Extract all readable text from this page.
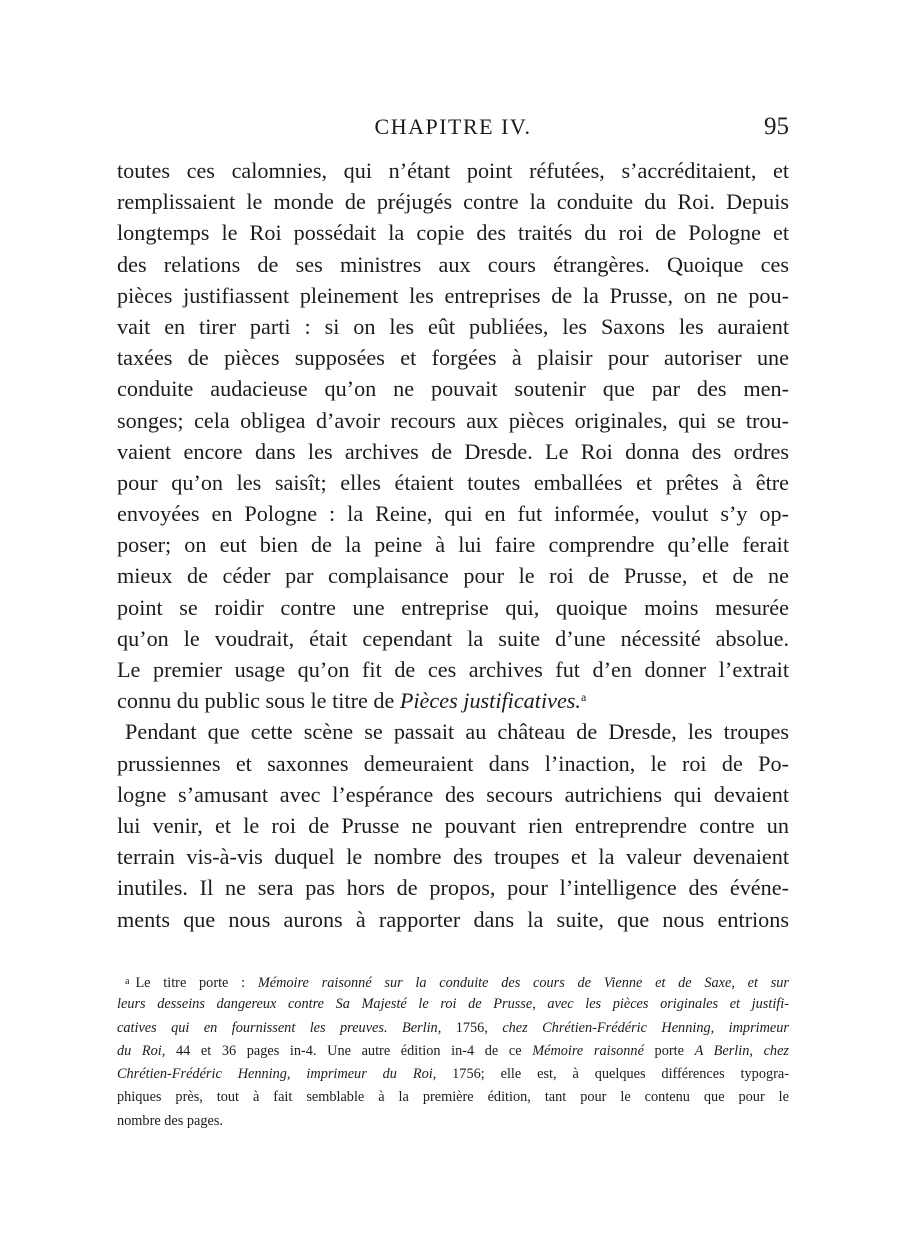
CHAPITRE IV.	95

toutes ces calomnies, qui n’étant point réfutées, s’accréditaient, et
remplissaient le monde de préjugés contre la conduite du Roi. Depuis
longtemps le Roi possédait la copie des traités du roi de Pologne et
des relations de ses ministres aux cours étrangères. Quoique ces
pièces justifiassent pleinement les entreprises de la Prusse, on ne pou-
vait en tirer parti : si on les eût publiées, les Saxons les auraient
taxées de pièces supposées et forgées à plaisir pour autoriser une
conduite audacieuse qu’on ne pouvait soutenir que par des men-
songes; cela obligea d’avoir recours aux pièces originales, qui se trou-
vaient encore dans les archives de Dresde. Le Roi donna des ordres
pour qu’on les saisît; elles étaient toutes emballées et prêtes à être
envoyées en Pologne : la Reine, qui en fut informée, voulut s’y op-
poser; on eut bien de la peine à lui faire comprendre qu’elle ferait
mieux de céder par complaisance pour le roi de Prusse, et de ne
point se roidir contre une entreprise qui, quoique moins mesurée
qu’on le voudrait, était cependant la suite d’une nécessité absolue.
Le premier usage qu’on fit de ces archives fut d’en donner l’extrait
connu du public sous le titre de Pièces justificatives.$^a$

Pendant que cette scène se passait au château de Dresde, les troupes
prussiennes et saxonnes demeuraient dans l’inaction, le roi de Po-
logne s’amusant avec l’espérance des secours autrichiens qui devaient
lui venir, et le roi de Prusse ne pouvant rien entreprendre contre un
terrain vis-à-vis duquel le nombre des troupes et la valeur devenaient
inutiles. Il ne sera pas hors de propos, pour l’intelligence des événe-
ments que nous aurons à rapporter dans la suite, que nous entrions

$^a$ Le titre porte : Mémoire raisonné sur la conduite des cours de Vienne et de Saxe, et sur
leurs desseins dangereux contre Sa Majesté le roi de Prusse, avec les pièces originales et justifi-
catives qui en fournissent les preuves. Berlin, 1756, chez Chrétien-Frédéric Henning, imprimeur
du Roi, 44 et 36 pages in-4. Une autre édition in-4 de ce Mémoire raisonné porte A Berlin, chez
Chrétien-Frédéric Henning, imprimeur du Roi, 1756; elle est, à quelques différences typogra-
phiques près, tout à fait semblable à la première édition, tant pour le contenu que pour le
nombre des pages.
